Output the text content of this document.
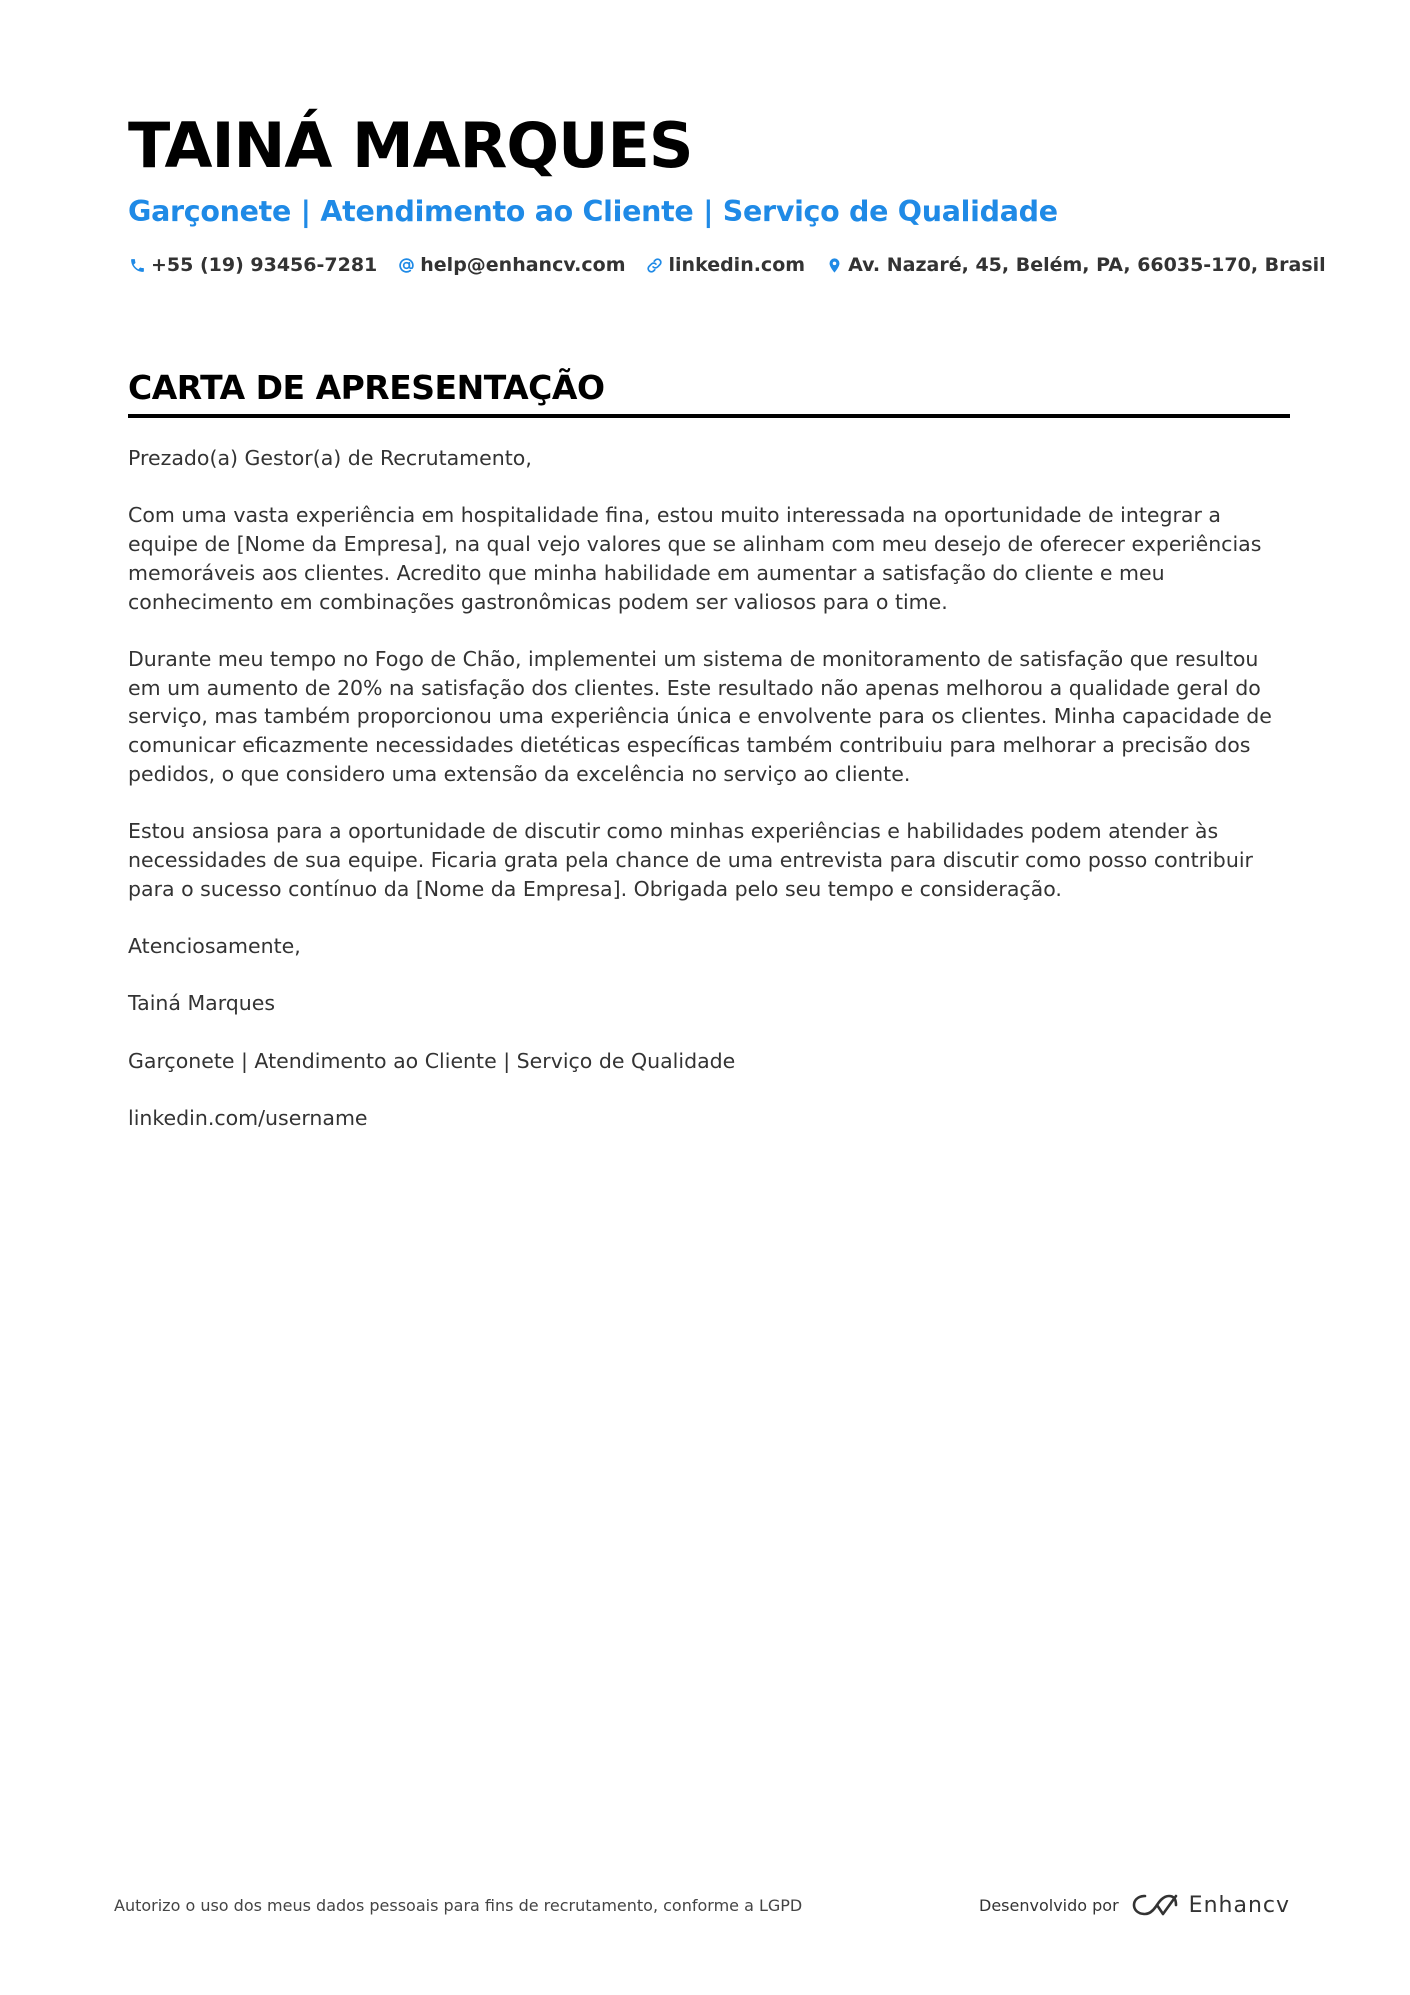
TAINÁ MARQUES
Garçonete | Atendimento ao Cliente | Serviço de Qualidade
+55 (19) 93456-7281 help@enhancv.com linkedin.com Av. Nazaré, 45, Belém, PA, 66035-170, Brasil
CARTA DE APRESENTAÇÃO

Prezado(a) Gestor(a) de Recrutamento,

Com uma vasta experiência em hospitalidade fina, estou muito interessada na oportunidade de integrar a equipe de [Nome da Empresa], na qual vejo valores que se alinham com meu desejo de oferecer experiências memoráveis aos clientes. Acredito que minha habilidade em aumentar a satisfação do cliente e meu conhecimento em combinações gastronômicas podem ser valiosos para o time.

Durante meu tempo no Fogo de Chão, implementei um sistema de monitoramento de satisfação que resultou em um aumento de 20% na satisfação dos clientes. Este resultado não apenas melhorou a qualidade geral do serviço, mas também proporcionou uma experiência única e envolvente para os clientes. Minha capacidade de comunicar eficazmente necessidades dietéticas específicas também contribuiu para melhorar a precisão dos pedidos, o que considero uma extensão da excelência no serviço ao cliente.

Estou ansiosa para a oportunidade de discutir como minhas experiências e habilidades podem atender às necessidades de sua equipe. Ficaria grata pela chance de uma entrevista para discutir como posso contribuir para o sucesso contínuo da [Nome da Empresa]. Obrigada pelo seu tempo e consideração.

Atenciosamente,

Tainá Marques

Garçonete | Atendimento ao Cliente | Serviço de Qualidade

linkedin.com/username

Autorizo o uso dos meus dados pessoais para fins de recrutamento, conforme a LGPD	Desenvolvido por	Enhancv
